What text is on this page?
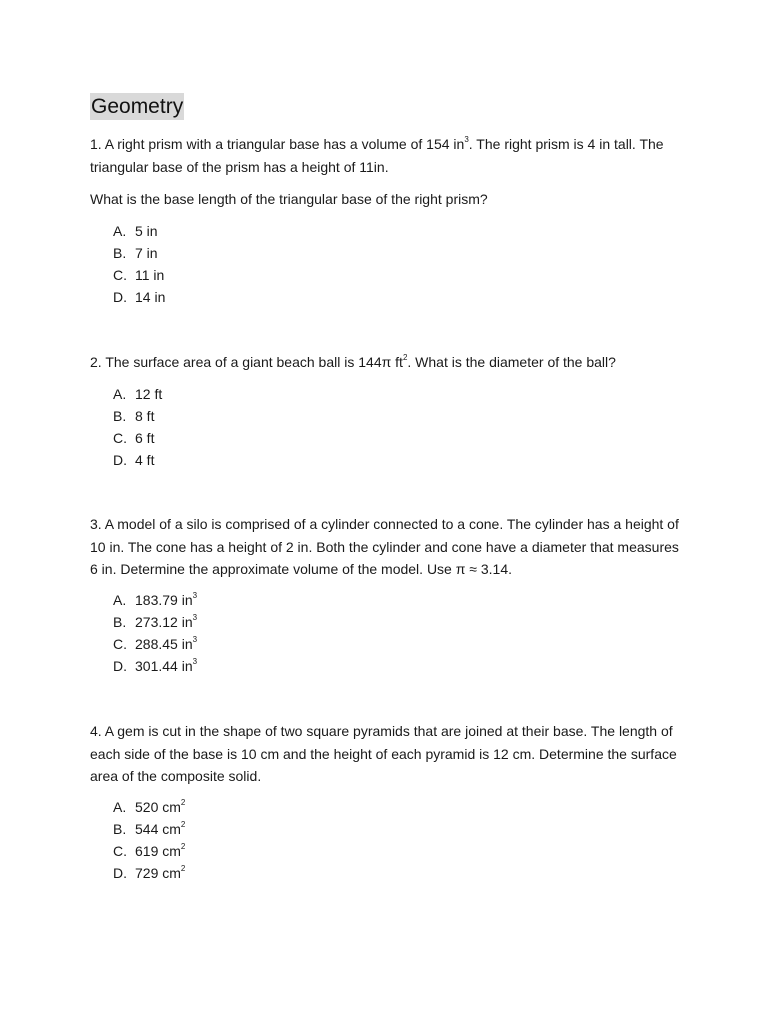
Geometry
1. A right prism with a triangular base has a volume of 154 $in^3$. The right prism is 4 in tall. The triangular base of the prism has a height of 11in.
What is the base length of the triangular base of the right prism?
A. 5 in
B. 7 in
C. 11 in
D. 14 in
2. The surface area of a giant beach ball is 144π $ft^2$. What is the diameter of the ball?
A. 12 ft
B. 8 ft
C. 6 ft
D. 4 ft
3. A model of a silo is comprised of a cylinder connected to a cone. The cylinder has a height of 10 in. The cone has a height of 2 in. Both the cylinder and cone have a diameter that measures 6 in. Determine the approximate volume of the model. Use π ≈ 3.14.
A. 183.79 $in^3$
B. 273.12 $in^3$
C. 288.45 $in^3$
D. 301.44 $in^3$
4. A gem is cut in the shape of two square pyramids that are joined at their base. The length of each side of the base is 10 cm and the height of each pyramid is 12 cm. Determine the surface area of the composite solid.
A. 520 $cm^2$
B. 544 $cm^2$
C. 619 $cm^2$
D. 729 $cm^2$
